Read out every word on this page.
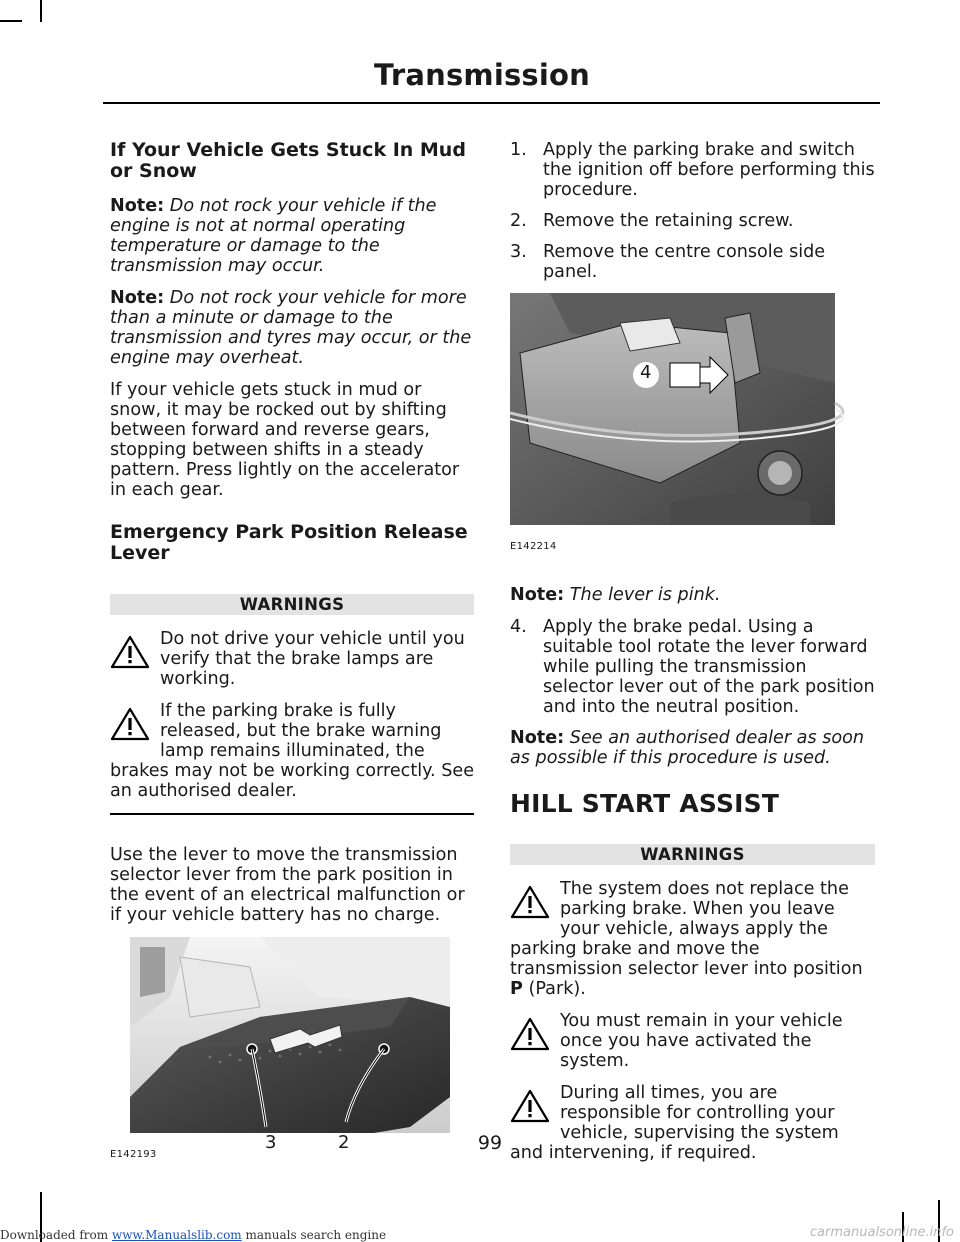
Transmission
If Your Vehicle Gets Stuck In Mud or Snow

Note: Do not rock your vehicle if the engine is not at normal operating temperature or damage to the transmission may occur.

Note: Do not rock your vehicle for more than a minute or damage to the transmission and tyres may occur, or the engine may overheat.

If your vehicle gets stuck in mud or snow, it may be rocked out by shifting between forward and reverse gears, stopping between shifts in a steady pattern. Press lightly on the accelerator in each gear.

Emergency Park Position Release Lever
WARNINGS
Do not drive your vehicle until you verify that the brake lamps are working.
If the parking brake is fully released, but the brake warning lamp remains illuminated, the brakes may not be working correctly. See an authorised dealer.

Use the lever to move the transmission selector lever from the park position in the event of an electrical malfunction or if your vehicle battery has no charge.

3	2
E142193
1. Apply the parking brake and switch the ignition off before performing this procedure.
2. Remove the retaining screw.
3. Remove the centre console side panel.
4
E142214

Note: The lever is pink.

4. Apply the brake pedal. Using a suitable tool rotate the lever forward while pulling the transmission selector lever out of the park position and into the neutral position.

Note: See an authorised dealer as soon as possible if this procedure is used.

HILL START ASSIST
WARNINGS
The system does not replace the parking brake. When you leave your vehicle, always apply the parking brake and move the transmission selector lever into position P (Park).
You must remain in your vehicle once you have activated the system.
During all times, you are responsible for controlling your vehicle, supervising the system and intervening, if required.
99
Downloaded from www.Manualslib.com manuals search engine	carmanualsonline.info
